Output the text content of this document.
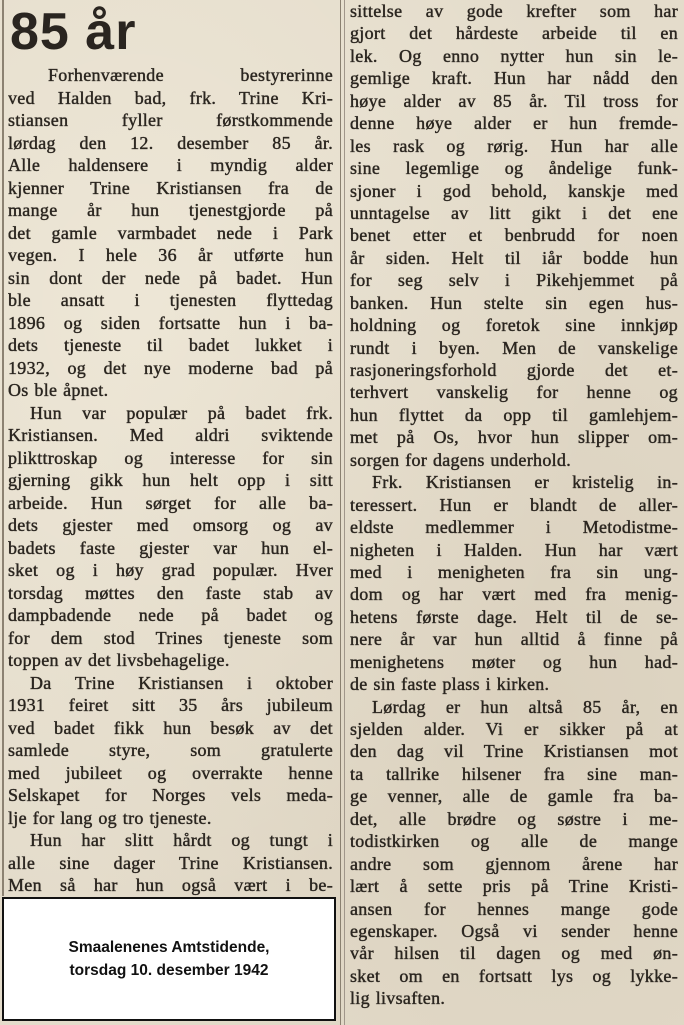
85 år
Forhenværende bestyrerinne
ved Halden bad, frk. Trine Kri-
stiansen fyller førstkommende
lørdag den 12. desember 85 år.
Alle haldensere i myndig alder
kjenner Trine Kristiansen fra de
mange år hun tjenestgjorde på
det gamle varmbadet nede i Park
vegen. I hele 36 år utførte hun
sin dont der nede på badet. Hun
ble ansatt i tjenesten flyttedag
1896 og siden fortsatte hun i ba-
dets tjeneste til badet lukket i
1932, og det nye moderne bad på
Os ble åpnet.
Hun var populær på badet frk.
Kristiansen. Med aldri sviktende
plikttroskap og interesse for sin
gjerning gikk hun helt opp i sitt
arbeide. Hun sørget for alle ba-
dets gjester med omsorg og av
badets faste gjester var hun el-
sket og i høy grad populær. Hver
torsdag møttes den faste stab av
dampbadende nede på badet og
for dem stod Trines tjeneste som
toppen av det livsbehagelige.
Da Trine Kristiansen i oktober
1931 feiret sitt 35 års jubileum
ved badet fikk hun besøk av det
samlede styre, som gratulerte
med jubileet og overrakte henne
Selskapet for Norges vels meda-
lje for lang og tro tjeneste.
Hun har slitt hårdt og tungt i
alle sine dager Trine Kristiansen.
Men så har hun også vært i be-
sittelse av gode krefter som har
gjort det hårdeste arbeide til en
lek. Og enno nytter hun sin le-
gemlige kraft. Hun har nådd den
høye alder av 85 år. Til tross for
denne høye alder er hun fremde-
les rask og rørig. Hun har alle
sine legemlige og åndelige funk-
sjoner i god behold, kanskje med
unntagelse av litt gikt i det ene
benet etter et benbrudd for noen
år siden. Helt til iår bodde hun
for seg selv i Pikehjemmet på
banken. Hun stelte sin egen hus-
holdning og foretok sine innkjøp
rundt i byen. Men de vanskelige
rasjoneringsforhold gjorde det et-
terhvert vanskelig for henne og
hun flyttet da opp til gamlehjem-
met på Os, hvor hun slipper om-
sorgen for dagens underhold.
Frk. Kristiansen er kristelig in-
teressert. Hun er blandt de aller-
eldste medlemmer i Metodistme-
nigheten i Halden. Hun har vært
med i menigheten fra sin ung-
dom og har vært med fra menig-
hetens første dage. Helt til de se-
nere år var hun alltid å finne på
menighetens møter og hun had-
de sin faste plass i kirken.
Lørdag er hun altså 85 år, en
sjelden alder. Vi er sikker på at
den dag vil Trine Kristiansen mot
ta tallrike hilsener fra sine man-
ge venner, alle de gamle fra ba-
det, alle brødre og søstre i me-
todistkirken og alle de mange
andre som gjennom årene har
lært å sette pris på Trine Kristi-
ansen for hennes mange gode
egenskaper. Også vi sender henne
vår hilsen til dagen og med øn-
sket om en fortsatt lys og lykke-
lig livsaften.
Smaalenenes Amtstidende,
torsdag 10. desember 1942
